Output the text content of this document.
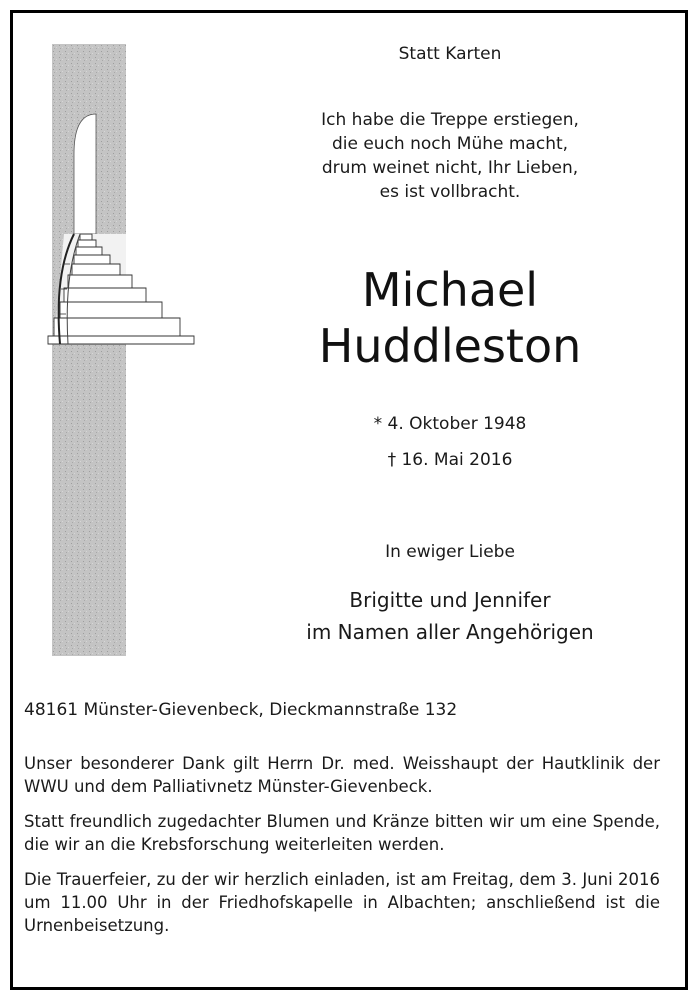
Statt Karten
Ich habe die Treppe erstiegen,
die euch noch Mühe macht,
drum weinet nicht, Ihr Lieben,
es ist vollbracht.
Michael
Huddleston
* 4. Oktober 1948
† 16. Mai 2016
In ewiger Liebe
Brigitte und Jennifer
im Namen aller Angehörigen
48161 Münster-Gievenbeck, Dieckmannstraße 132
Unser besonderer Dank gilt Herrn Dr. med. Weisshaupt der Hautklinik der WWU und dem Palliativnetz Münster-Gievenbeck.
Statt freundlich zugedachter Blumen und Kränze bitten wir um eine Spende, die wir an die Krebsforschung weiterleiten werden.
Die Trauerfeier, zu der wir herzlich einladen, ist am Freitag, dem 3. Juni 2016 um 11.00 Uhr in der Friedhofskapelle in Albachten; anschließend ist die Urnenbeisetzung.
